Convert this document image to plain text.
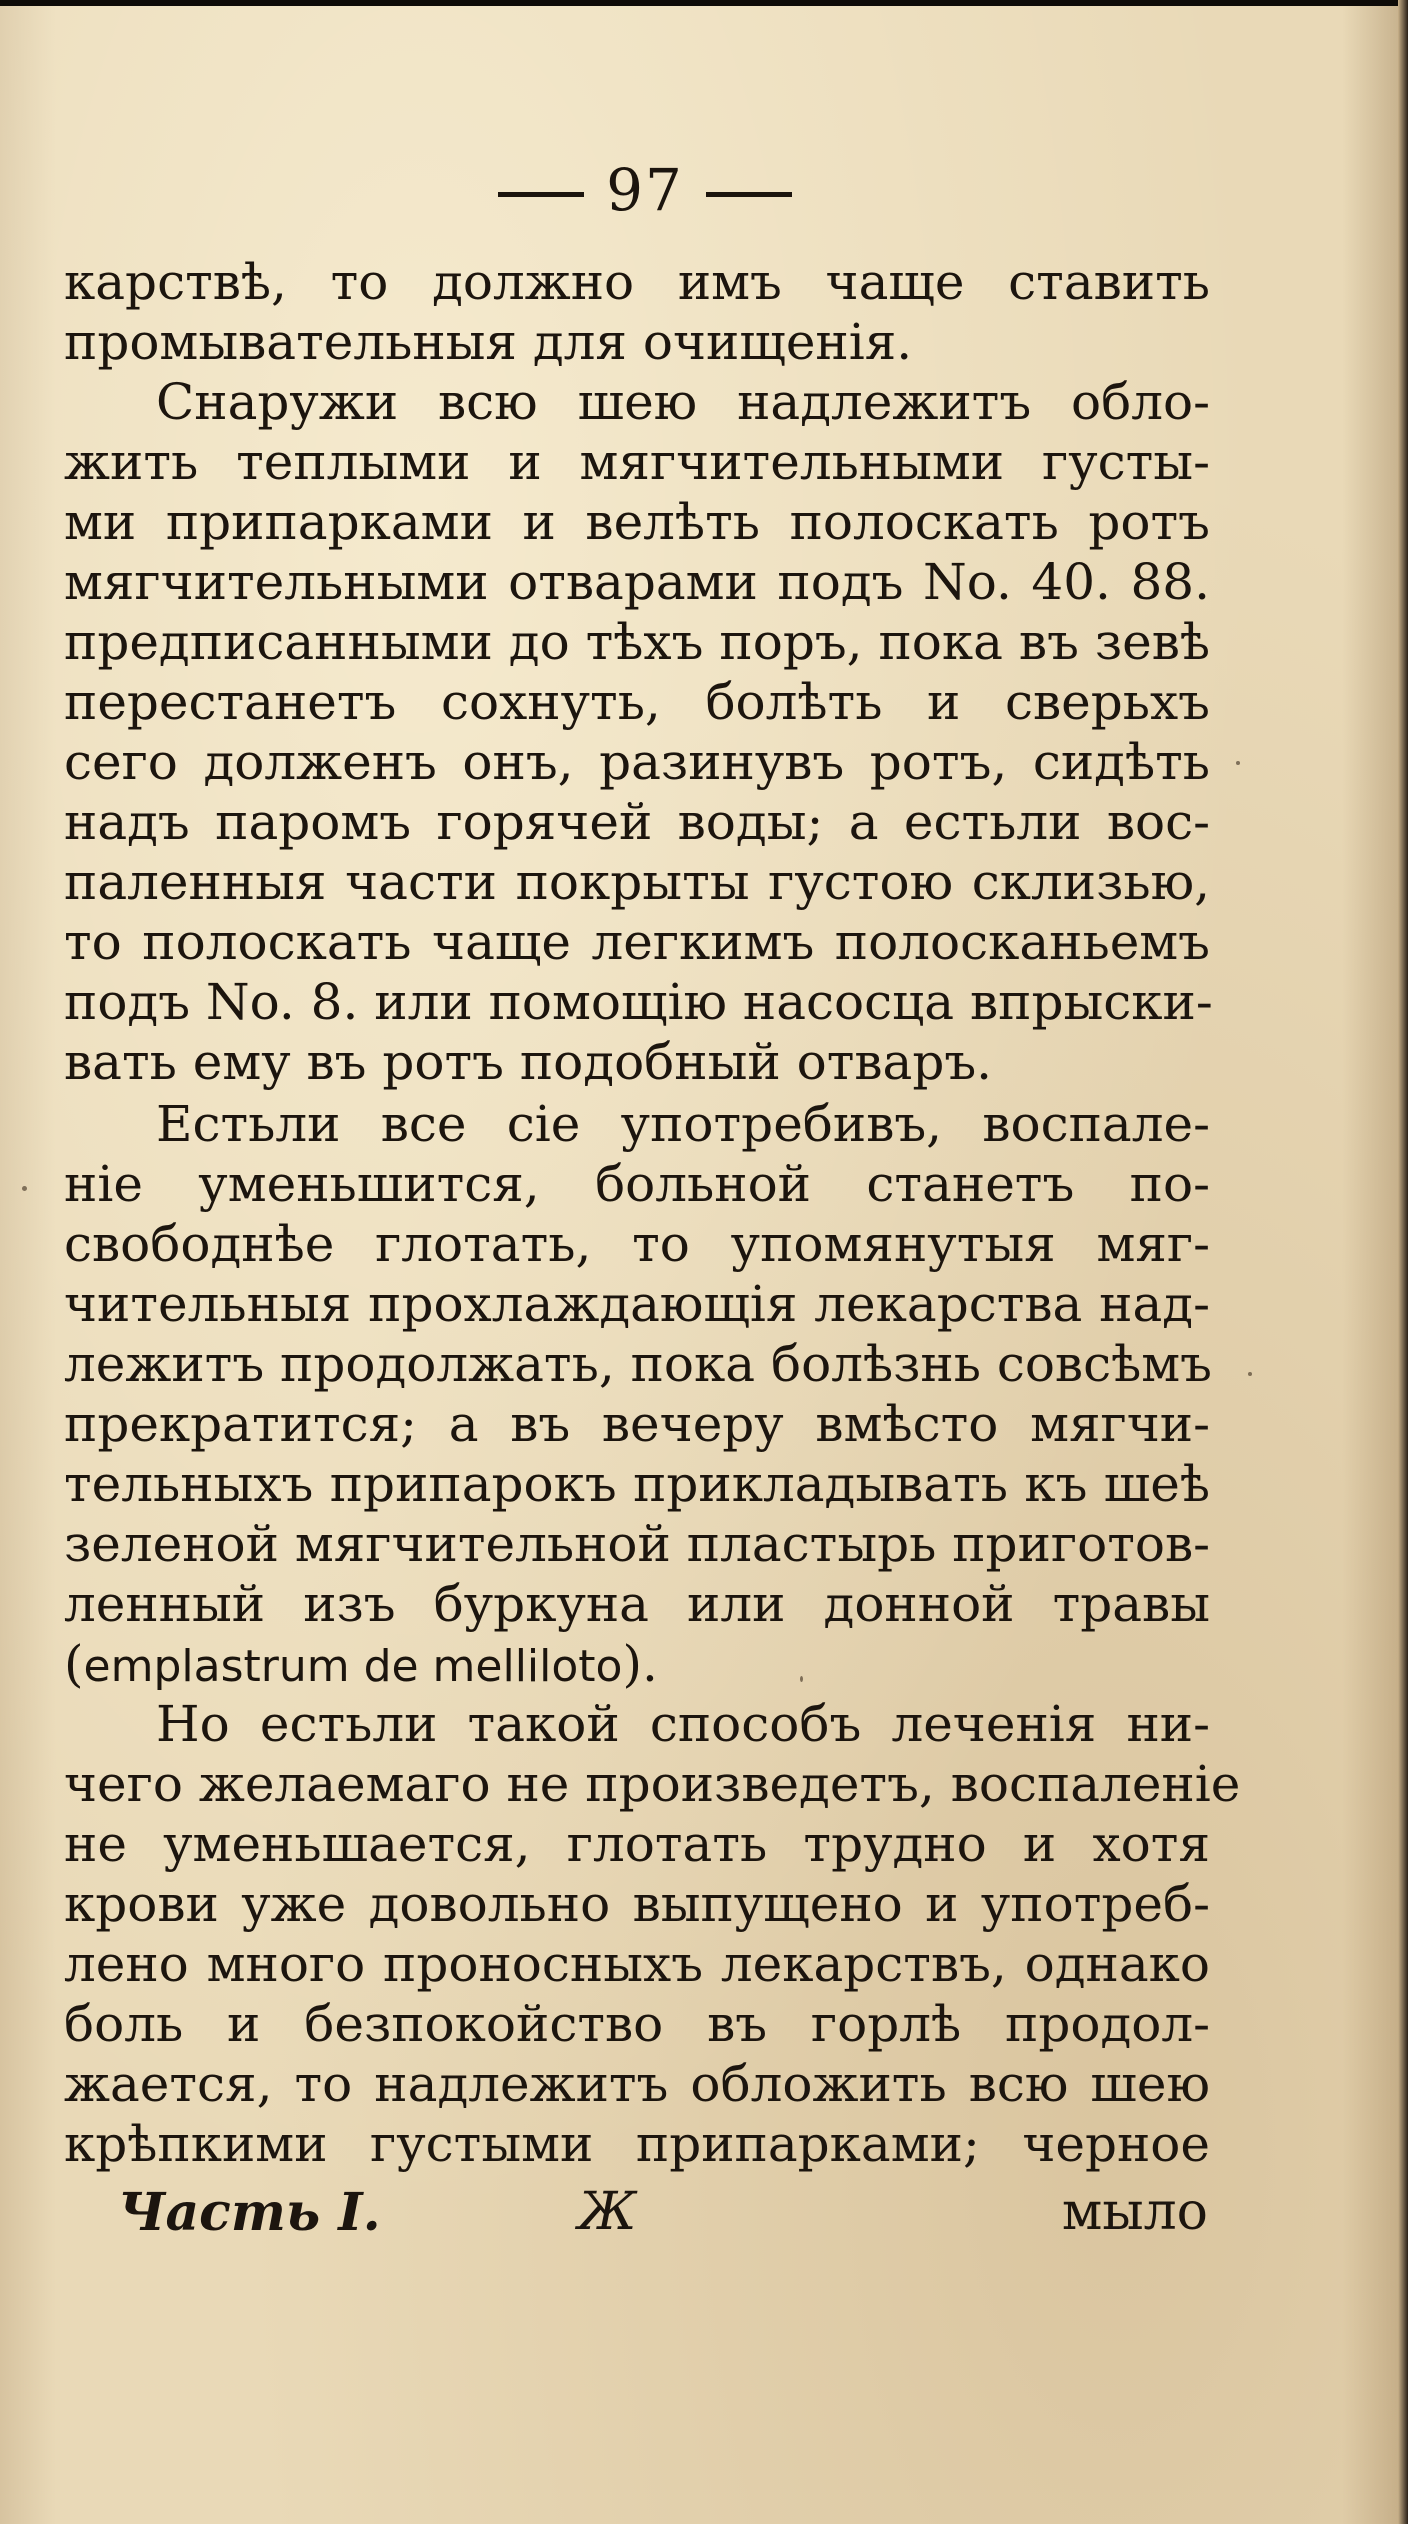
97
карствѣ, то должно имъ чаще ставить
промывательныя для очищенія.
Снаружи всю шею надлежитъ обло-
жить теплыми и мягчительными густы-
ми припарками и велѣть полоскать ротъ
мягчительными отварами подъ No. 40. 88.
предписанными до тѣхъ поръ, пока въ зевѣ
перестанетъ сохнуть, болѣть и сверьхъ
сего долженъ онъ, разинувъ ротъ, сидѣть
надъ паромъ горячей воды; а естьли вос-
паленныя части покрыты густою склизью,
то полоскать чаще легкимъ полосканьемъ
подъ No. 8. или помощію насосца впрыски-
вать ему въ ротъ подобный отваръ.
Естьли все сіе употребивъ, воспале-
ніе уменьшится, больной станетъ по-
свободнѣе глотать, то упомянутыя мяг-
чительныя прохлаждающія лекарства над-
лежитъ продолжать, пока болѣзнь совсѣмъ
прекратится; а въ вечеру вмѣсто мягчи-
тельныхъ припарокъ прикладывать къ шеѣ
зеленой мягчительной пластырь приготов-
ленный изъ буркуна или донной травы
(emplastrum de melliloto).
Но естьли такой способъ леченія ни-
чего желаемаго не произведетъ, воспаленіе
не уменьшается, глотать трудно и хотя
крови уже довольно выпущено и употреб-
лено много проносныхъ лекарствъ, однако
боль и безпокойство въ горлѣ продол-
жается, то надлежитъ обложить всю шею
крѣпкими густыми припарками; черное
Часть I.	Ж	мыло
